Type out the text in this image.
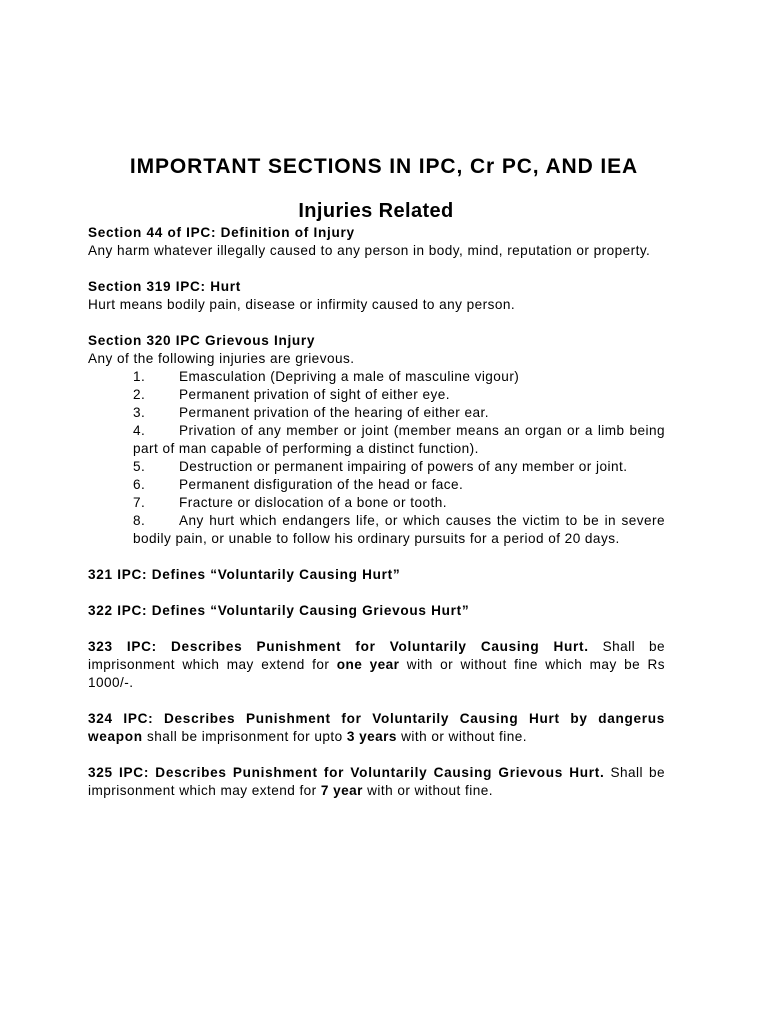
IMPORTANT SECTIONS IN IPC, Cr PC, AND IEA
Injuries Related
Section 44 of IPC: Definition of Injury
Any harm whatever illegally caused to any person in body, mind, reputation or property.
Section 319 IPC: Hurt
Hurt means bodily pain, disease or infirmity caused to any person.
Section 320 IPC Grievous Injury
Any of the following injuries are grievous.
1. Emasculation (Depriving a male of masculine vigour)
2. Permanent privation of sight of either eye.
3. Permanent privation of the hearing of either ear.
4. Privation of any member or joint (member means an organ or a limb being part of man capable of performing a distinct function).
5. Destruction or permanent impairing of powers of any member or joint.
6. Permanent disfiguration of the head or face.
7. Fracture or dislocation of a bone or tooth.
8. Any hurt which endangers life, or which causes the victim to be in severe bodily pain, or unable to follow his ordinary pursuits for a period of 20 days.
321 IPC: Defines “Voluntarily Causing Hurt”
322 IPC: Defines “Voluntarily Causing Grievous Hurt”
323 IPC: Describes Punishment for Voluntarily Causing Hurt. Shall be imprisonment which may extend for one year with or without fine which may be Rs 1000/-.
324 IPC: Describes Punishment for Voluntarily Causing Hurt by dangerus weapon shall be imprisonment for upto 3 years with or without fine.
325 IPC: Describes Punishment for Voluntarily Causing Grievous Hurt. Shall be imprisonment which may extend for 7 year with or without fine.
